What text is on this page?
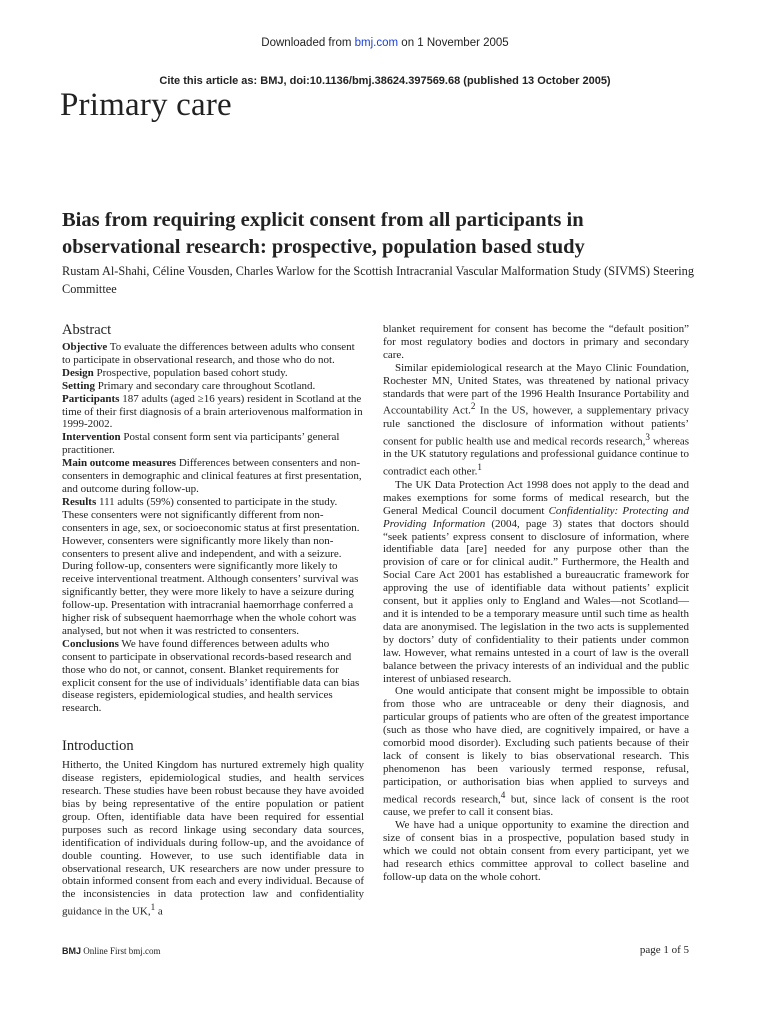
Downloaded from bmj.com on 1 November 2005
Cite this article as: BMJ, doi:10.1136/bmj.38624.397569.68 (published 13 October 2005)
Primary care
Bias from requiring explicit consent from all participants in observational research: prospective, population based study
Rustam Al-Shahi, Céline Vousden, Charles Warlow for the Scottish Intracranial Vascular Malformation Study (SIVMS) Steering Committee
Abstract

Objective To evaluate the differences between adults who consent to participate in observational research, and those who do not.

Design Prospective, population based cohort study.

Setting Primary and secondary care throughout Scotland.

Participants 187 adults (aged ≥16 years) resident in Scotland at the time of their first diagnosis of a brain arteriovenous malformation in 1999-2002.

Intervention Postal consent form sent via participants’ general practitioner.

Main outcome measures Differences between consenters and non-consenters in demographic and clinical features at first presentation, and outcome during follow-up.

Results 111 adults (59%) consented to participate in the study. These consenters were not significantly different from non-consenters in age, sex, or socioeconomic status at first presentation. However, consenters were significantly more likely than non-consenters to present alive and independent, and with a seizure. During follow-up, consenters were significantly more likely to receive interventional treatment. Although consenters’ survival was significantly better, they were more likely to have a seizure during follow-up. Presentation with intracranial haemorrhage conferred a higher risk of subsequent haemorrhage when the whole cohort was analysed, but not when it was restricted to consenters.

Conclusions We have found differences between adults who consent to participate in observational records-based research and those who do not, or cannot, consent. Blanket requirements for explicit consent for the use of individuals’ identifiable data can bias disease registers, epidemiological studies, and health services research.

Introduction

Hitherto, the United Kingdom has nurtured extremely high quality disease registers, epidemiological studies, and health services research. These studies have been robust because they have avoided bias by being representative of the entire population or patient group. Often, identifiable data have been required for essential purposes such as record linkage using secondary data sources, identification of individuals during follow-up, and the avoidance of double counting. However, to use such identifiable data in observational research, UK researchers are now under pressure to obtain informed consent from each and every individual. Because of the inconsistencies in data protection law and confidentiality guidance in the UK,$^1$ a

blanket requirement for consent has become the “default position” for most regulatory bodies and doctors in primary and secondary care.

Similar epidemiological research at the Mayo Clinic Foundation, Rochester MN, United States, was threatened by national privacy standards that were part of the 1996 Health Insurance Portability and Accountability Act.$^2$ In the US, however, a supplementary privacy rule sanctioned the disclosure of information without patients’ consent for public health use and medical records research,$^3$ whereas in the UK statutory regulations and professional guidance continue to contradict each other.$^1$

The UK Data Protection Act 1998 does not apply to the dead and makes exemptions for some forms of medical research, but the General Medical Council document Confidentiality: Protecting and Providing Information (2004, page 3) states that doctors should “seek patients’ express consent to disclosure of information, where identifiable data [are] needed for any purpose other than the provision of care or for clinical audit.” Furthermore, the Health and Social Care Act 2001 has established a bureaucratic framework for approving the use of identifiable data without patients’ explicit consent, but it applies only to England and Wales—not Scotland—and it is intended to be a temporary measure until such time as health data are anonymised. The legislation in the two acts is supplemented by doctors’ duty of confidentiality to their patients under common law. However, what remains untested in a court of law is the overall balance between the privacy interests of an individual and the public interest of unbiased research.

One would anticipate that consent might be impossible to obtain from those who are untraceable or deny their diagnosis, and particular groups of patients who are often of the greatest importance (such as those who have died, are cognitively impaired, or have a comorbid mood disorder). Excluding such patients because of their lack of consent is likely to bias observational research. This phenomenon has been variously termed response, refusal, participation, or authorisation bias when applied to surveys and medical records research,$^4$ but, since lack of consent is the root cause, we prefer to call it consent bias.

We have had a unique opportunity to examine the direction and size of consent bias in a prospective, population based study in which we could not obtain consent from every participant, yet we had research ethics committee approval to collect baseline and follow-up data on the whole cohort.

BMJ Online First bmj.com	page 1 of 5
